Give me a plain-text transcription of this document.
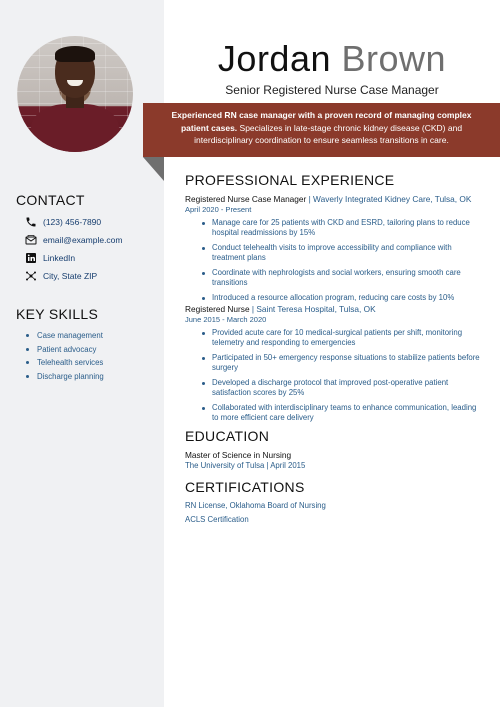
Jordan Brown
Senior Registered Nurse Case Manager
Experienced RN case manager with a proven record of managing complex patient cases. Specializes in late-stage chronic kidney disease (CKD) and interdisciplinary coordination to ensure seamless transitions in care.
CONTACT
(123) 456-7890
email@example.com
LinkedIn
City, State ZIP
KEY SKILLS
Case management
Patient advocacy
Telehealth services
Discharge planning
PROFESSIONAL EXPERIENCE
Registered Nurse Case Manager | Waverly Integrated Kidney Care, Tulsa, OK
April 2020 - Present
Manage care for 25 patients with CKD and ESRD, tailoring plans to reduce hospital readmissions by 15%
Conduct telehealth visits to improve accessibility and compliance with treatment plans
Coordinate with nephrologists and social workers, ensuring smooth care transitions
Introduced a resource allocation program, reducing care costs by 10%
Registered Nurse | Saint Teresa Hospital, Tulsa, OK
June 2015 - March 2020
Provided acute care for 10 medical-surgical patients per shift, monitoring telemetry and responding to emergencies
Participated in 50+ emergency response situations to stabilize patients before surgery
Developed a discharge protocol that improved post-operative patient satisfaction scores by 25%
Collaborated with interdisciplinary teams to enhance communication, leading to more efficient care delivery
EDUCATION
Master of Science in Nursing
The University of Tulsa | April 2015
CERTIFICATIONS
RN License, Oklahoma Board of Nursing
ACLS Certification
